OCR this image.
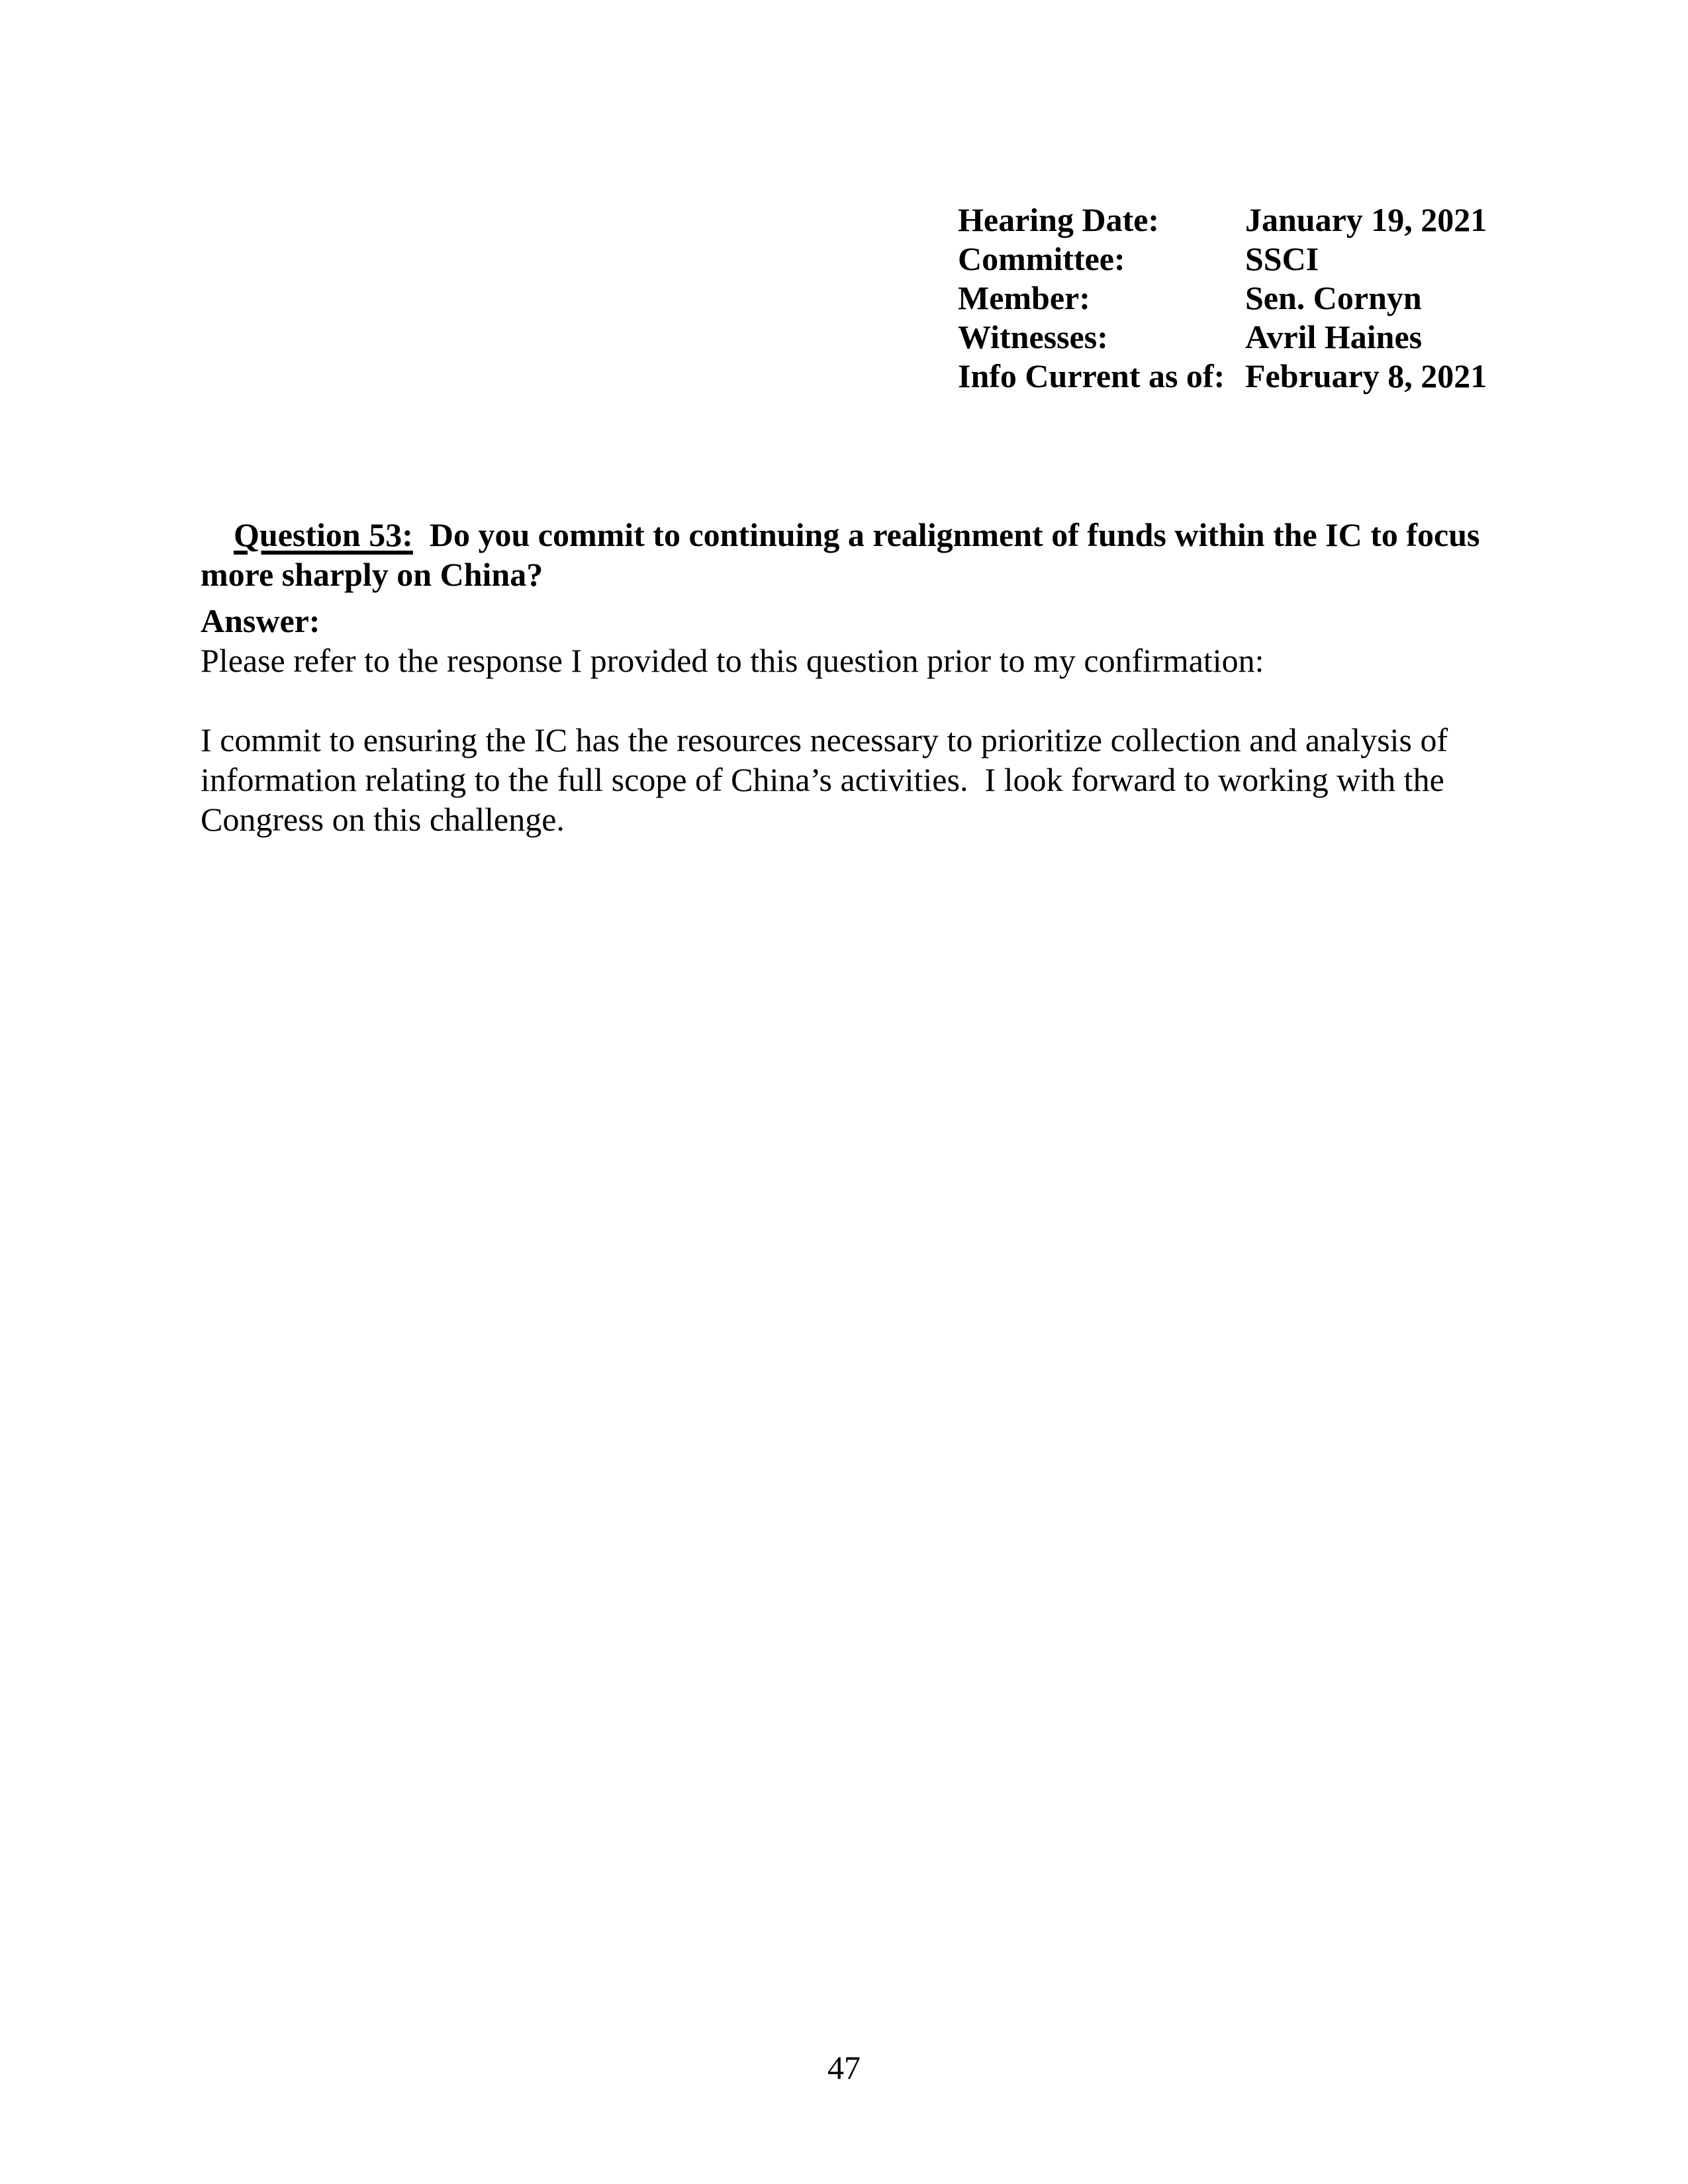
Hearing Date:	January 19, 2021
Committee:	SSCI
Member:	Sen. Cornyn
Witnesses:	Avril Haines
Info Current as of: February 8, 2021

Question 53:  Do you commit to continuing a realignment of funds within the IC to focus more sharply on China?

Answer:

Please refer to the response I provided to this question prior to my confirmation:

I commit to ensuring the IC has the resources necessary to prioritize collection and analysis of information relating to the full scope of China’s activities.  I look forward to working with the Congress on this challenge.

47
